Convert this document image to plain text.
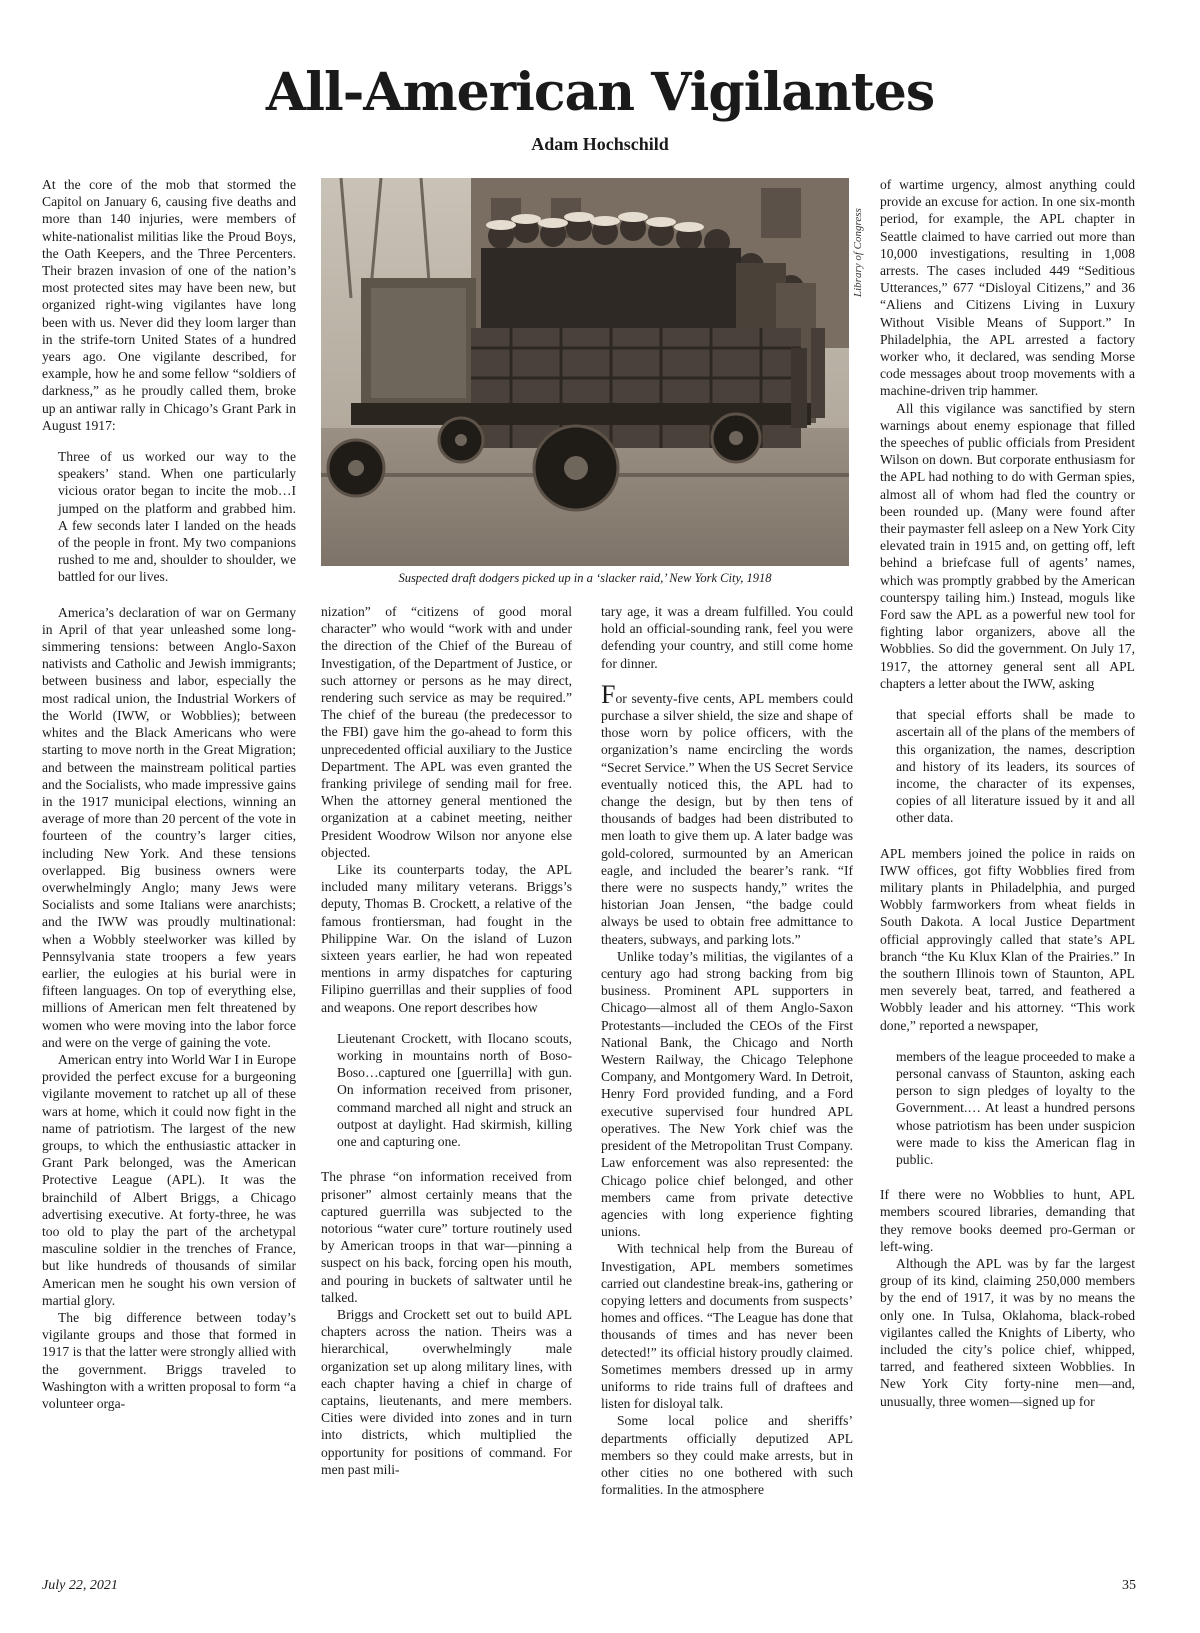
All-American Vigilantes
Adam Hochschild

At the core of the mob that stormed the Capitol on January 6, causing five deaths and more than 140 injuries, were members of white-nationalist militias like the Proud Boys, the Oath Keepers, and the Three Percenters. Their brazen invasion of one of the nation’s most protected sites may have been new, but organized right-wing vigilantes have long been with us. Never did they loom larger than in the strife-torn United States of a hundred years ago. One vigilante described, for example, how he and some fellow “soldiers of darkness,” as he proudly called them, broke up an antiwar rally in Chicago’s Grant Park in August 1917:

Three of us worked our way to the speakers’ stand. When one particularly vicious orator began to incite the mob…I jumped on the platform and grabbed him. A few seconds later I landed on the heads of the people in front. My two companions rushed to me and, shoulder to shoulder, we battled for our lives.

America’s declaration of war on Germany in April of that year unleashed some long-simmering tensions: between Anglo-Saxon nativists and Catholic and Jewish immigrants; between business and labor, especially the most radical union, the Industrial Workers of the World (IWW, or Wobblies); between whites and the Black Americans who were starting to move north in the Great Migration; and between the mainstream political parties and the Socialists, who made impressive gains in the 1917 municipal elections, winning an average of more than 20 percent of the vote in fourteen of the country’s larger cities, including New York. And these tensions overlapped. Big business owners were overwhelmingly Anglo; many Jews were Socialists and some Italians were anarchists; and the IWW was proudly multinational: when a Wobbly steelworker was killed by Pennsylvania state troopers a few years earlier, the eulogies at his burial were in fifteen languages. On top of everything else, millions of American men felt threatened by women who were moving into the labor force and were on the verge of gaining the vote.

American entry into World War I in Europe provided the perfect excuse for a burgeoning vigilante movement to ratchet up all of these wars at home, which it could now fight in the name of patriotism. The largest of the new groups, to which the enthusiastic attacker in Grant Park belonged, was the American Protective League (APL). It was the brainchild of Albert Briggs, a Chicago advertising executive. At forty-three, he was too old to play the part of the archetypal masculine soldier in the trenches of France, but like hundreds of thousands of similar American men he sought his own version of martial glory.

The big difference between today’s vigilante groups and those that formed in 1917 is that the latter were strongly allied with the government. Briggs traveled to Washington with a written proposal to form “a volunteer orga-

Library of Congress
Suspected draft dodgers picked up in a ‘slacker raid,’ New York City, 1918

nization” of “citizens of good moral character” who would “work with and under the direction of the Chief of the Bureau of Investigation, of the Department of Justice, or such attorney or persons as he may direct, rendering such service as may be required.” The chief of the bureau (the predecessor to the FBI) gave him the go-ahead to form this unprecedented official auxiliary to the Justice Department. The APL was even granted the franking privilege of sending mail for free. When the attorney general mentioned the organization at a cabinet meeting, neither President Woodrow Wilson nor anyone else objected.

Like its counterparts today, the APL included many military veterans. Briggs’s deputy, Thomas B. Crockett, a relative of the famous frontiersman, had fought in the Philippine War. On the island of Luzon sixteen years earlier, he had won repeated mentions in army dispatches for capturing Filipino guerrillas and their supplies of food and weapons. One report describes how

Lieutenant Crockett, with Ilocano scouts, working in mountains north of Boso-Boso…captured one [guerrilla] with gun. On information received from prisoner, command marched all night and struck an outpost at daylight. Had skirmish, killing one and capturing one.

The phrase “on information received from prisoner” almost certainly means that the captured guerrilla was subjected to the notorious “water cure” torture routinely used by American troops in that war—pinning a suspect on his back, forcing open his mouth, and pouring in buckets of saltwater until he talked.

Briggs and Crockett set out to build APL chapters across the nation. Theirs was a hierarchical, overwhelmingly male organization set up along military lines, with each chapter having a chief in charge of captains, lieutenants, and mere members. Cities were divided into zones and in turn into districts, which multiplied the opportunity for positions of command. For men past mili-

tary age, it was a dream fulfilled. You could hold an official-sounding rank, feel you were defending your country, and still come home for dinner.

For seventy-five cents, APL members could purchase a silver shield, the size and shape of those worn by police officers, with the organization’s name encircling the words “Secret Service.” When the US Secret Service eventually noticed this, the APL had to change the design, but by then tens of thousands of badges had been distributed to men loath to give them up. A later badge was gold-colored, surmounted by an American eagle, and included the bearer’s rank. “If there were no suspects handy,” writes the historian Joan Jensen, “the badge could always be used to obtain free admittance to theaters, subways, and parking lots.”

Unlike today’s militias, the vigilantes of a century ago had strong backing from big business. Prominent APL supporters in Chicago—almost all of them Anglo-Saxon Protestants—included the CEOs of the First National Bank, the Chicago and North Western Railway, the Chicago Telephone Company, and Montgomery Ward. In Detroit, Henry Ford provided funding, and a Ford executive supervised four hundred APL operatives. The New York chief was the president of the Metropolitan Trust Company. Law enforcement was also represented: the Chicago police chief belonged, and other members came from private detective agencies with long experience fighting unions.

With technical help from the Bureau of Investigation, APL members sometimes carried out clandestine break-ins, gathering or copying letters and documents from suspects’ homes and offices. “The League has done that thousands of times and has never been detected!” its official history proudly claimed. Sometimes members dressed up in army uniforms to ride trains full of draftees and listen for disloyal talk.

Some local police and sheriffs’ departments officially deputized APL members so they could make arrests, but in other cities no one bothered with such formalities. In the atmosphere

of wartime urgency, almost anything could provide an excuse for action. In one six-month period, for example, the APL chapter in Seattle claimed to have carried out more than 10,000 investigations, resulting in 1,008 arrests. The cases included 449 “Seditious Utterances,” 677 “Disloyal Citizens,” and 36 “Aliens and Citizens Living in Luxury Without Visible Means of Support.” In Philadelphia, the APL arrested a factory worker who, it declared, was sending Morse code messages about troop movements with a machine-driven trip hammer.

All this vigilance was sanctified by stern warnings about enemy espionage that filled the speeches of public officials from President Wilson on down. But corporate enthusiasm for the APL had nothing to do with German spies, almost all of whom had fled the country or been rounded up. (Many were found after their paymaster fell asleep on a New York City elevated train in 1915 and, on getting off, left behind a briefcase full of agents’ names, which was promptly grabbed by the American counterspy tailing him.) Instead, moguls like Ford saw the APL as a powerful new tool for fighting labor organizers, above all the Wobblies. So did the government. On July 17, 1917, the attorney general sent all APL chapters a letter about the IWW, asking

that special efforts shall be made to ascertain all of the plans of the members of this organization, the names, description and history of its leaders, its sources of income, the character of its expenses, copies of all literature issued by it and all other data.

APL members joined the police in raids on IWW offices, got fifty Wobblies fired from military plants in Philadelphia, and purged Wobbly farmworkers from wheat fields in South Dakota. A local Justice Department official approvingly called that state’s APL branch “the Ku Klux Klan of the Prairies.” In the southern Illinois town of Staunton, APL men severely beat, tarred, and feathered a Wobbly leader and his attorney. “This work done,” reported a newspaper,

members of the league proceeded to make a personal canvass of Staunton, asking each person to sign pledges of loyalty to the Government.… At least a hundred persons whose patriotism has been under suspicion were made to kiss the American flag in public.

If there were no Wobblies to hunt, APL members scoured libraries, demanding that they remove books deemed pro-German or left-wing.

Although the APL was by far the largest group of its kind, claiming 250,000 members by the end of 1917, it was by no means the only one. In Tulsa, Oklahoma, black-robed vigilantes called the Knights of Liberty, who included the city’s police chief, whipped, tarred, and feathered sixteen Wobblies. In New York City forty-nine men—and, unusually, three women—signed up for

July 22, 2021	35
